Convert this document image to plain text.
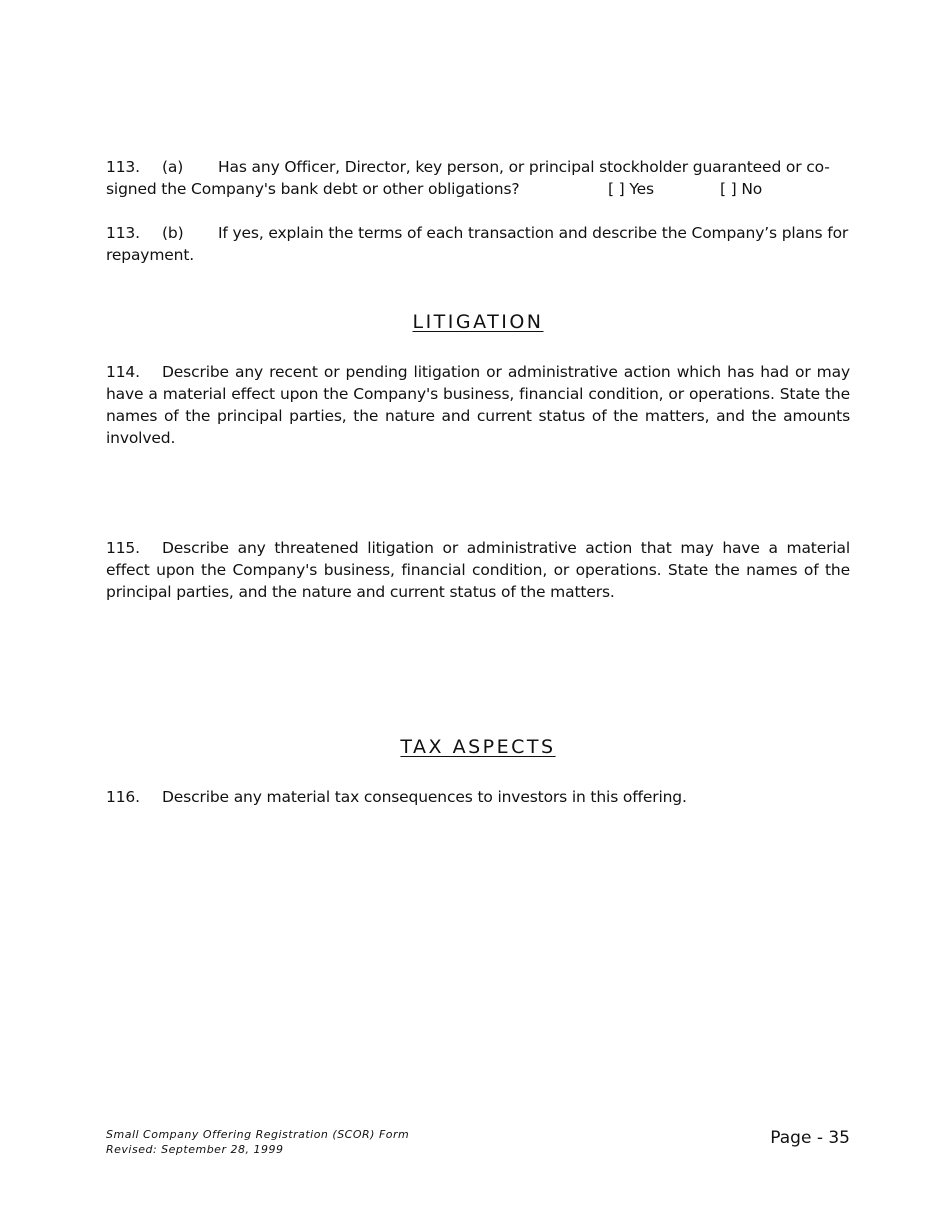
113. (a) Has any Officer, Director, key person, or principal stockholder guaranteed or co-
signed the Company's bank debt or other obligations?	[ ] Yes	[ ] No
113. (b) If yes, explain the terms of each transaction and describe the Company’s plans for
repayment.
LITIGATION
114. Describe any recent or pending litigation or administrative action which has had or may have a material effect upon the Company's business, financial condition, or operations. State the names of the principal parties, the nature and current status of the matters, and the amounts involved.
115. Describe any threatened litigation or administrative action that may have a material effect upon the Company's business, financial condition, or operations. State the names of the principal parties, and the nature and current status of the matters.
TAX ASPECTS
116. Describe any material tax consequences to investors in this offering.
Small Company Offering Registration (SCOR) Form
Revised: September 28, 1999
Page - 35
